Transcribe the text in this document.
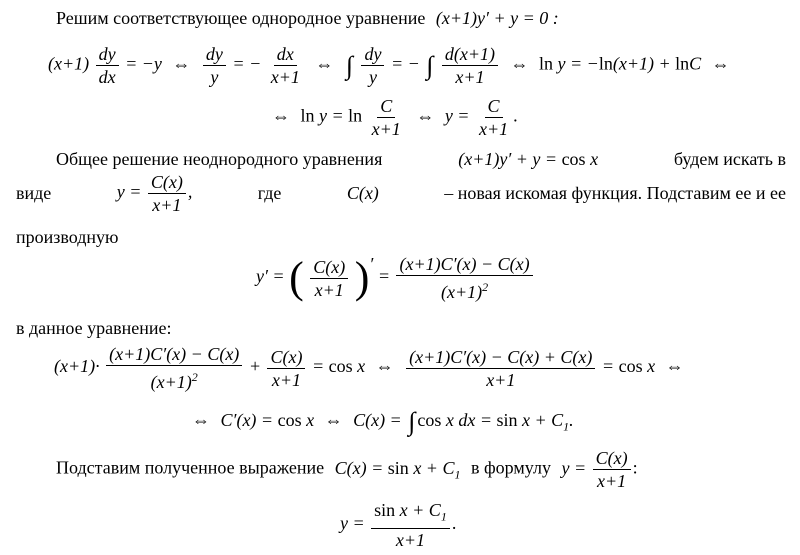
Решим соответствующее однородное уравнение (x+1)y′ + y = 0 :
$(x+1) \frac{dy}{dx} = -y$ ⇔ $\frac{dy}{y}$ = − $\frac{dx}{x+1}$ ⇔ ∫ $\frac{dy}{y}$ = − ∫ $\frac{d(x+1)}{x+1}$ ⇔ ln y = −ln(x+1) + lnC ⇔
⇔ $\ln y = \ln \frac{C}{x+1}$ ⇔ $y = \frac{C}{x+1}$ .
Общее решение неоднородного уравнения	(x+1)y′ + y = cos x	будем искать в
виде	$y = \frac{C(x)}{x+1}$ ,	где	C(x)	– новая искомая функция. Подставим ее и ее
производную
y′ = ( $\frac{C(x)}{x+1}$ )′ = $\frac{(x+1)C'(x) - C(x)}{(x+1)^2}$
в данное уравнение:
$(x+1)\cdot \frac{(x+1)C'(x) - C(x)}{(x+1)^2} + \frac{C(x)}{x+1} = \cos x$ ⇔ $\frac{(x+1)C'(x) - C(x) + C(x)}{x+1} = \cos x$ ⇔
⇔ C′(x) = cos x ⇔ C(x) = ∫ cos x dx = $\sin x + C_1$.
Подставим полученное выражение $C(x) = \sin x + C_1$ в формулу $y = \frac{C(x)}{x+1}$ :
$y = \frac{\sin x + C_1}{x+1}$ .
